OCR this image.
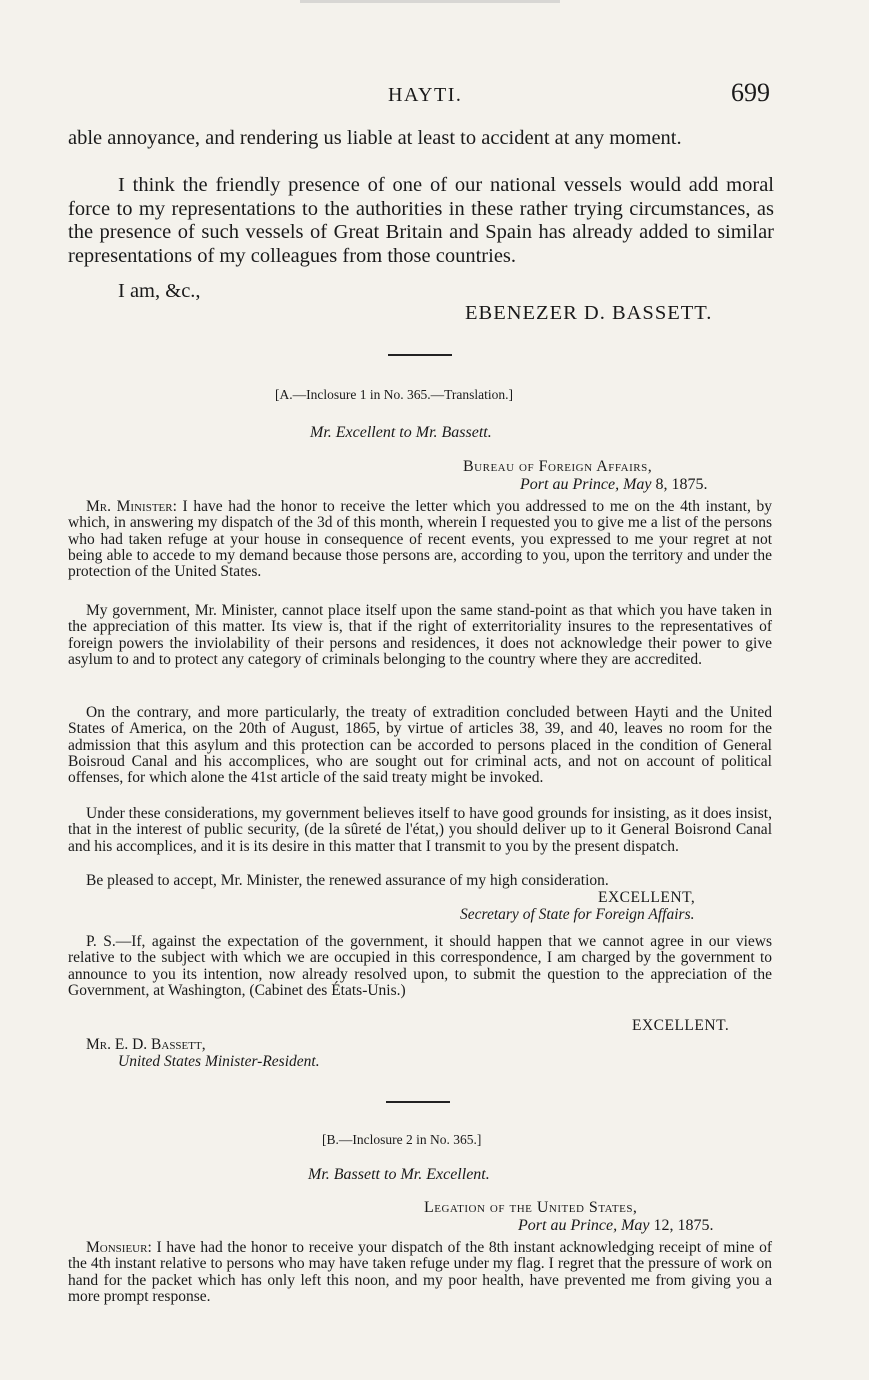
HAYTI.	699

able annoyance, and rendering us liable at least to accident at any moment.

I think the friendly presence of one of our national vessels would add moral force to my representations to the authorities in these rather trying circumstances, as the presence of such vessels of Great Britain and Spain has already added to similar representations of my colleagues from those countries.

I am, &c.,
EBENEZER D. BASSETT.
[A.—Inclosure 1 in No. 365.—Translation.]
Mr. Excellent to Mr. Bassett.
Bureau of Foreign Affairs,
Port au Prince, May 8, 1875.

Mr. Minister: I have had the honor to receive the letter which you addressed to me on the 4th instant, by which, in answering my dispatch of the 3d of this month, wherein I requested you to give me a list of the persons who had taken refuge at your house in consequence of recent events, you expressed to me your regret at not being able to accede to my demand because those persons are, according to you, upon the territory and under the protection of the United States.

My government, Mr. Minister, cannot place itself upon the same stand-point as that which you have taken in the appreciation of this matter. Its view is, that if the right of exterritoriality insures to the representatives of foreign powers the inviolability of their persons and residences, it does not acknowledge their power to give asylum to and to protect any category of criminals belonging to the country where they are accredited.

On the contrary, and more particularly, the treaty of extradition concluded between Hayti and the United States of America, on the 20th of August, 1865, by virtue of articles 38, 39, and 40, leaves no room for the admission that this asylum and this protection can be accorded to persons placed in the condition of General Boisroud Canal and his accomplices, who are sought out for criminal acts, and not on account of political offenses, for which alone the 41st article of the said treaty might be invoked.

Under these considerations, my government believes itself to have good grounds for insisting, as it does insist, that in the interest of public security, (de la sûreté de l'état,) you should deliver up to it General Boisrond Canal and his accomplices, and it is its desire in this matter that I transmit to you by the present dispatch.

Be pleased to accept, Mr. Minister, the renewed assurance of my high consideration.

EXCELLENT,
Secretary of State for Foreign Affairs.

P. S.—If, against the expectation of the government, it should happen that we cannot agree in our views relative to the subject with which we are occupied in this correspondence, I am charged by the government to announce to you its intention, now already resolved upon, to submit the question to the appreciation of the Government, at Washington, (Cabinet des États-Unis.)

EXCELLENT.
Mr. E. D. Bassett,
United States Minister-Resident.
[B.—Inclosure 2 in No. 365.]
Mr. Bassett to Mr. Excellent.
Legation of the United States,
Port au Prince, May 12, 1875.

Monsieur: I have had the honor to receive your dispatch of the 8th instant acknowledging receipt of mine of the 4th instant relative to persons who may have taken refuge under my flag. I regret that the pressure of work on hand for the packet which has only left this noon, and my poor health, have prevented me from giving you a more prompt response.
